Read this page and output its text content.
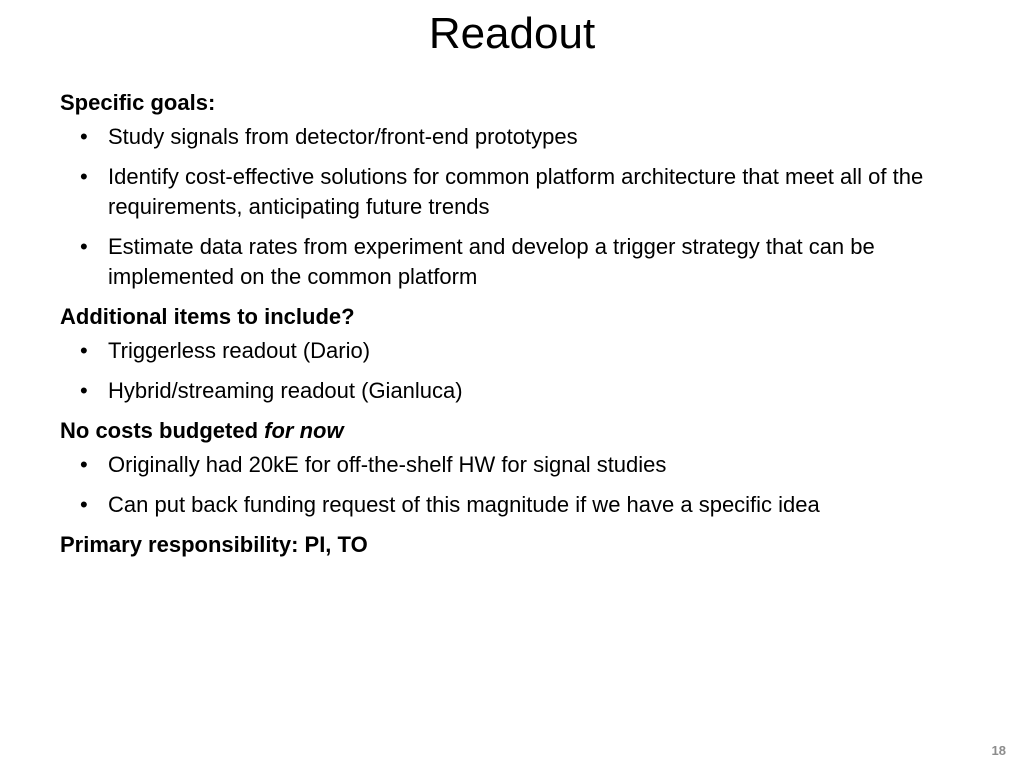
Readout
Specific goals:
• Study signals from detector/front-end prototypes
• Identify cost-effective solutions for common platform architecture that meet all of the requirements, anticipating future trends
• Estimate data rates from experiment and develop a trigger strategy that can be implemented on the common platform
Additional items to include?
• Triggerless readout (Dario)
• Hybrid/streaming readout (Gianluca)
No costs budgeted for now
• Originally had 20kE for off-the-shelf HW for signal studies
• Can put back funding request of this magnitude if we have a specific idea
Primary responsibility: PI, TO
18
